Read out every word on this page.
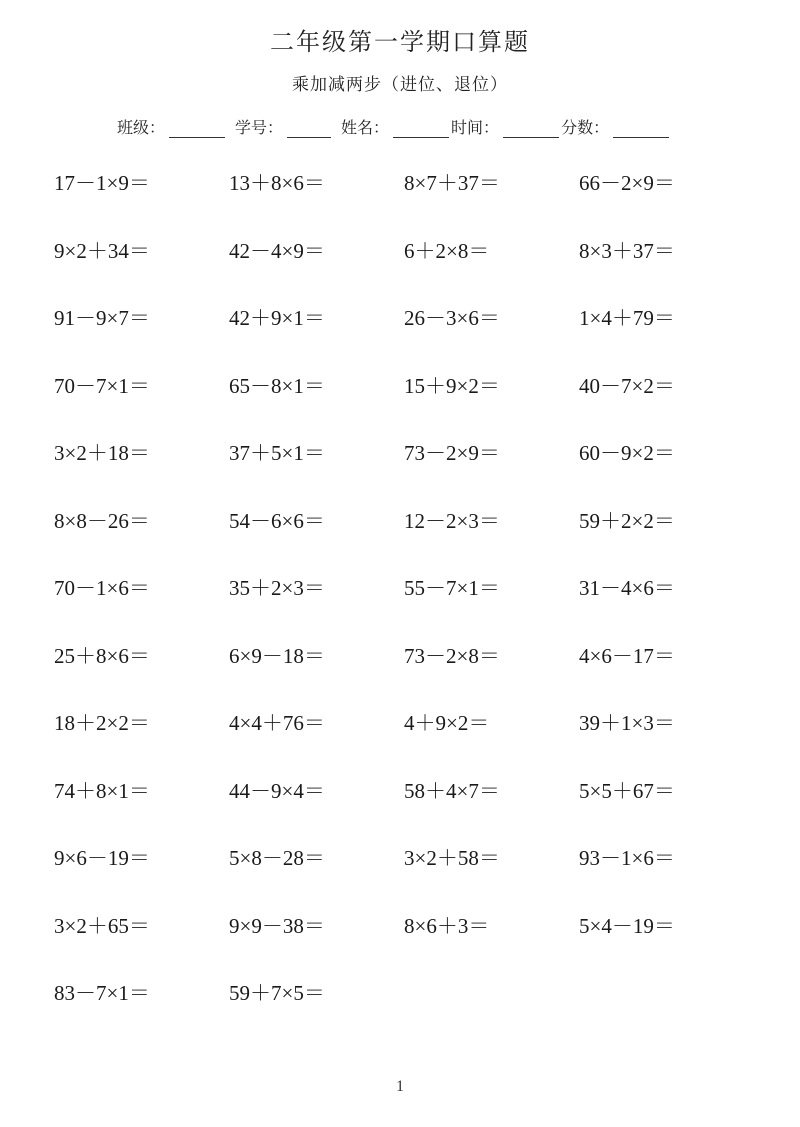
二年级第一学期口算题
乘加减两步（进位、退位）
班级：	学号：	姓名：	时间：	分数：
17－1×9＝	13＋8×6＝	8×7＋37＝	66－2×9＝
9×2＋34＝	42－4×9＝	6＋2×8＝	8×3＋37＝
91－9×7＝	42＋9×1＝	26－3×6＝	1×4＋79＝
70－7×1＝	65－8×1＝	15＋9×2＝	40－7×2＝
3×2＋18＝	37＋5×1＝	73－2×9＝	60－9×2＝
8×8－26＝	54－6×6＝	12－2×3＝	59＋2×2＝
70－1×6＝	35＋2×3＝	55－7×1＝	31－4×6＝
25＋8×6＝	6×9－18＝	73－2×8＝	4×6－17＝
18＋2×2＝	4×4＋76＝	4＋9×2＝	39＋1×3＝
74＋8×1＝	44－9×4＝	58＋4×7＝	5×5＋67＝
9×6－19＝	5×8－28＝	3×2＋58＝	93－1×6＝
3×2＋65＝	9×9－38＝	8×6＋3＝	5×4－19＝
83－7×1＝	59＋7×5＝
1
